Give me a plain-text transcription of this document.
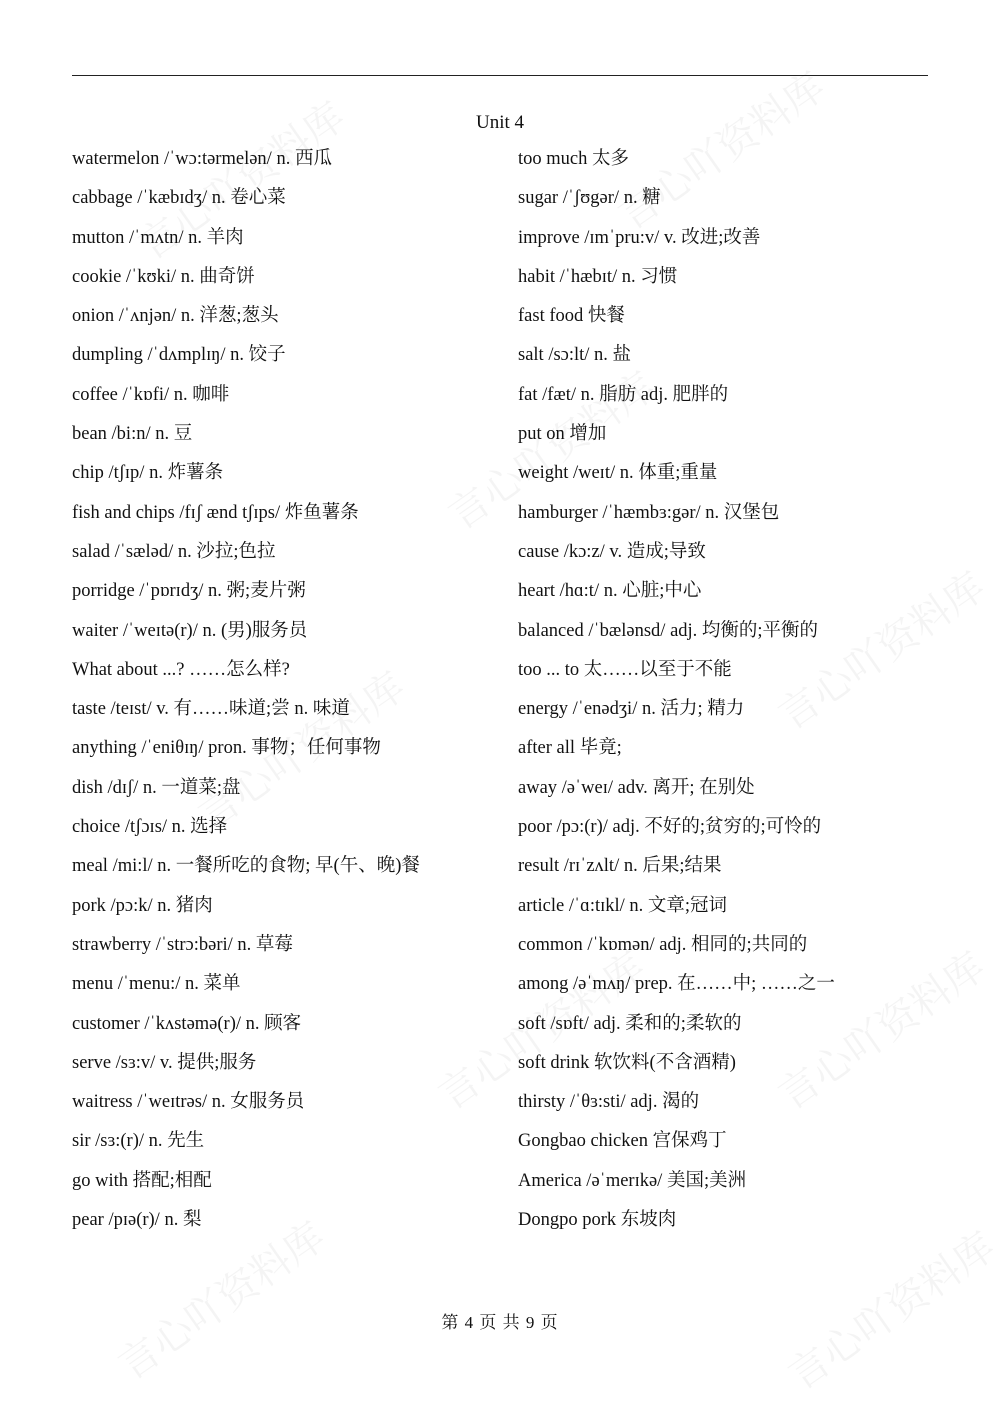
Unit 4
watermelon /ˈwɔ:tərmelən/ n. 西瓜
cabbage /ˈkæbɪdʒ/ n. 卷心菜
mutton /ˈmʌtn/ n. 羊肉
cookie /ˈkʊki/ n. 曲奇饼
onion /ˈʌnjən/ n. 洋葱;葱头
dumpling /ˈdʌmplɪŋ/ n. 饺子
coffee /ˈkɒfi/ n. 咖啡
bean /bi:n/ n. 豆
chip /tʃɪp/ n. 炸薯条
fish and chips /fɪʃ ænd tʃɪps/ 炸鱼薯条
salad /ˈsæləd/ n. 沙拉;色拉
porridge /ˈpɒrɪdʒ/ n. 粥;麦片粥
waiter /ˈweɪtə(r)/ n. (男)服务员
What about ...? ……怎么样?
taste /teɪst/ v. 有……味道;尝 n. 味道
anything /ˈeniθɪŋ/ pron. 事物；任何事物
dish /dɪʃ/ n. 一道菜;盘
choice /tʃɔɪs/ n. 选择
meal /mi:l/ n. 一餐所吃的食物; 早(午、晚)餐
pork /pɔ:k/ n. 猪肉
strawberry /ˈstrɔ:bəri/ n. 草莓
menu /ˈmenu:/ n. 菜单
customer /ˈkʌstəmə(r)/ n. 顾客
serve /sɜ:v/ v. 提供;服务
waitress /ˈweɪtrəs/ n. 女服务员
sir /sɜ:(r)/ n. 先生
go with 搭配;相配
pear /pɪə(r)/ n. 梨
too much 太多
sugar /ˈʃʊgər/ n. 糖
improve /ɪmˈpru:v/ v. 改进;改善
habit /ˈhæbɪt/ n. 习惯
fast food 快餐
salt /sɔ:lt/ n. 盐
fat /fæt/ n. 脂肪 adj. 肥胖的
put on 增加
weight /weɪt/ n. 体重;重量
hamburger /ˈhæmbɜ:gər/ n. 汉堡包
cause /kɔ:z/ v. 造成;导致
heart /hɑ:t/ n. 心脏;中心
balanced /ˈbælənsd/ adj. 均衡的;平衡的
too ... to 太……以至于不能
energy /ˈenədʒi/ n. 活力; 精力
after all 毕竟;
away /əˈweɪ/ adv. 离开; 在别处
poor /pɔ:(r)/ adj. 不好的;贫穷的;可怜的
result /rɪˈzʌlt/ n. 后果;结果
article /ˈɑ:tɪkl/ n. 文章;冠词
common /ˈkɒmən/ adj. 相同的;共同的
among /əˈmʌŋ/ prep. 在……中; ……之一
soft /sɒft/ adj. 柔和的;柔软的
soft drink 软饮料(不含酒精)
thirsty /ˈθɜ:sti/ adj. 渴的
Gongbao chicken 宫保鸡丁
America /əˈmerɪkə/ 美国;美洲
Dongpo pork 东坡肉
第 4 页 共 9 页
